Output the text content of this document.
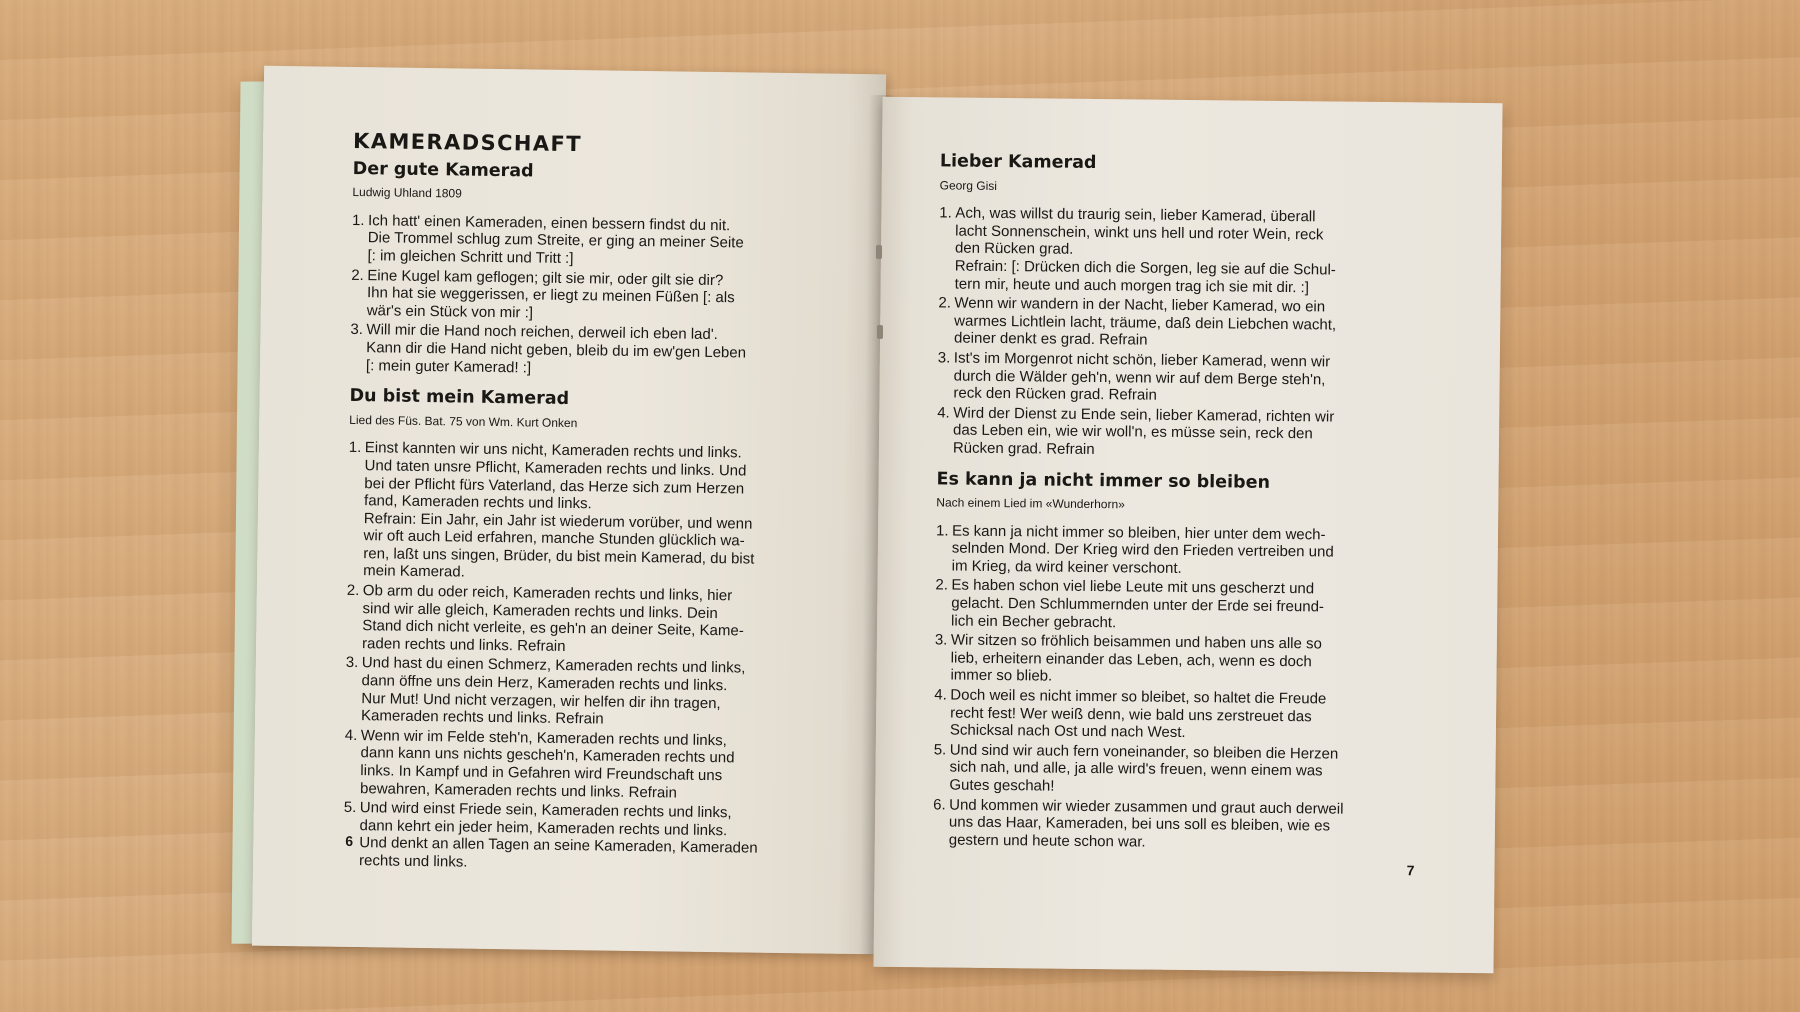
KAMERADSCHAFT
Der gute Kamerad
Ludwig Uhland 1809
1. Ich hatt' einen Kameraden, einen bessern findst du nit.
Die Trommel schlug zum Streite, er ging an meiner Seite
[: im gleichen Schritt und Tritt :]
2. Eine Kugel kam geflogen; gilt sie mir, oder gilt sie dir?
Ihn hat sie weggerissen, er liegt zu meinen Füßen [: als
wär's ein Stück von mir :]
3. Will mir die Hand noch reichen, derweil ich eben lad'.
Kann dir die Hand nicht geben, bleib du im ew'gen Leben
[: mein guter Kamerad! :]
Du bist mein Kamerad
Lied des Füs. Bat. 75 von Wm. Kurt Onken
1. Einst kannten wir uns nicht, Kameraden rechts und links.
Und taten unsre Pflicht, Kameraden rechts und links. Und
bei der Pflicht fürs Vaterland, das Herze sich zum Herzen
fand, Kameraden rechts und links.
Refrain: Ein Jahr, ein Jahr ist wiederum vorüber, und wenn
wir oft auch Leid erfahren, manche Stunden glücklich wa-
ren, laßt uns singen, Brüder, du bist mein Kamerad, du bist
mein Kamerad.
2. Ob arm du oder reich, Kameraden rechts und links, hier
sind wir alle gleich, Kameraden rechts und links. Dein
Stand dich nicht verleite, es geh'n an deiner Seite, Kame-
raden rechts und links. Refrain
3. Und hast du einen Schmerz, Kameraden rechts und links,
dann öffne uns dein Herz, Kameraden rechts und links.
Nur Mut! Und nicht verzagen, wir helfen dir ihn tragen,
Kameraden rechts und links. Refrain
4. Wenn wir im Felde steh'n, Kameraden rechts und links,
dann kann uns nichts gescheh'n, Kameraden rechts und
links. In Kampf und in Gefahren wird Freundschaft uns
bewahren, Kameraden rechts und links. Refrain
5. Und wird einst Friede sein, Kameraden rechts und links,
dann kehrt ein jeder heim, Kameraden rechts und links.
Und denkt an allen Tagen an seine Kameraden, Kameraden
rechts und links.
6
Lieber Kamerad
Georg Gisi
1. Ach, was willst du traurig sein, lieber Kamerad, überall
lacht Sonnenschein, winkt uns hell und roter Wein, reck
den Rücken grad.
Refrain: [: Drücken dich die Sorgen, leg sie auf die Schul-
tern mir, heute und auch morgen trag ich sie mit dir. :]
2. Wenn wir wandern in der Nacht, lieber Kamerad, wo ein
warmes Lichtlein lacht, träume, daß dein Liebchen wacht,
deiner denkt es grad. Refrain
3. Ist's im Morgenrot nicht schön, lieber Kamerad, wenn wir
durch die Wälder geh'n, wenn wir auf dem Berge steh'n,
reck den Rücken grad. Refrain
4. Wird der Dienst zu Ende sein, lieber Kamerad, richten wir
das Leben ein, wie wir woll'n, es müsse sein, reck den
Rücken grad. Refrain
Es kann ja nicht immer so bleiben
Nach einem Lied im «Wunderhorn»
1. Es kann ja nicht immer so bleiben, hier unter dem wech-
selnden Mond. Der Krieg wird den Frieden vertreiben und
im Krieg, da wird keiner verschont.
2. Es haben schon viel liebe Leute mit uns gescherzt und
gelacht. Den Schlummernden unter der Erde sei freund-
lich ein Becher gebracht.
3. Wir sitzen so fröhlich beisammen und haben uns alle so
lieb, erheitern einander das Leben, ach, wenn es doch
immer so blieb.
4. Doch weil es nicht immer so bleibet, so haltet die Freude
recht fest! Wer weiß denn, wie bald uns zerstreuet das
Schicksal nach Ost und nach West.
5. Und sind wir auch fern voneinander, so bleiben die Herzen
sich nah, und alle, ja alle wird's freuen, wenn einem was
Gutes geschah!
6. Und kommen wir wieder zusammen und graut auch derweil
uns das Haar, Kameraden, bei uns soll es bleiben, wie es
gestern und heute schon war.
7
